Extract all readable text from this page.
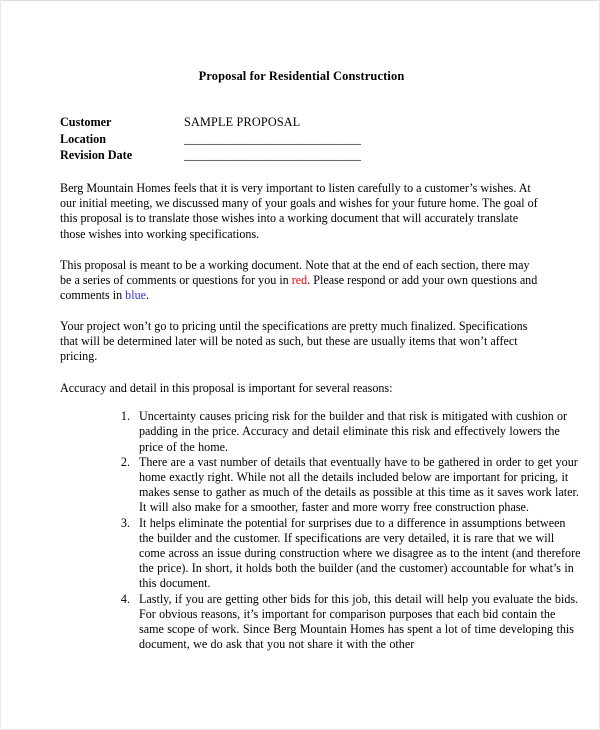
Proposal for Residential Construction
Customer	SAMPLE PROPOSAL
Location	______________________________
Revision Date	______________________________

Berg Mountain Homes feels that it is very important to listen carefully to a customer’s wishes. At our initial meeting, we discussed many of your goals and wishes for your future home. The goal of this proposal is to translate those wishes into a working document that will accurately translate those wishes into working specifications.

This proposal is meant to be a working document. Note that at the end of each section, there may be a series of comments or questions for you in red. Please respond or add your own questions and comments in blue.

Your project won’t go to pricing until the specifications are pretty much finalized. Specifications that will be determined later will be noted as such, but these are usually items that won’t affect pricing.

Accuracy and detail in this proposal is important for several reasons:

1. Uncertainty causes pricing risk for the builder and that risk is mitigated with cushion or padding in the price. Accuracy and detail eliminate this risk and effectively lowers the price of the home.
2. There are a vast number of details that eventually have to be gathered in order to get your home exactly right. While not all the details included below are important for pricing, it makes sense to gather as much of the details as possible at this time as it saves work later. It will also make for a smoother, faster and more worry free construction phase.
3. It helps eliminate the potential for surprises due to a difference in assumptions between the builder and the customer. If specifications are very detailed, it is rare that we will come across an issue during construction where we disagree as to the intent (and therefore the price). In short, it holds both the builder (and the customer) accountable for what’s in this document.
4. Lastly, if you are getting other bids for this job, this detail will help you evaluate the bids. For obvious reasons, it’s important for comparison purposes that each bid contain the same scope of work. Since Berg Mountain Homes has spent a lot of time developing this document, we do ask that you not share it with the other
